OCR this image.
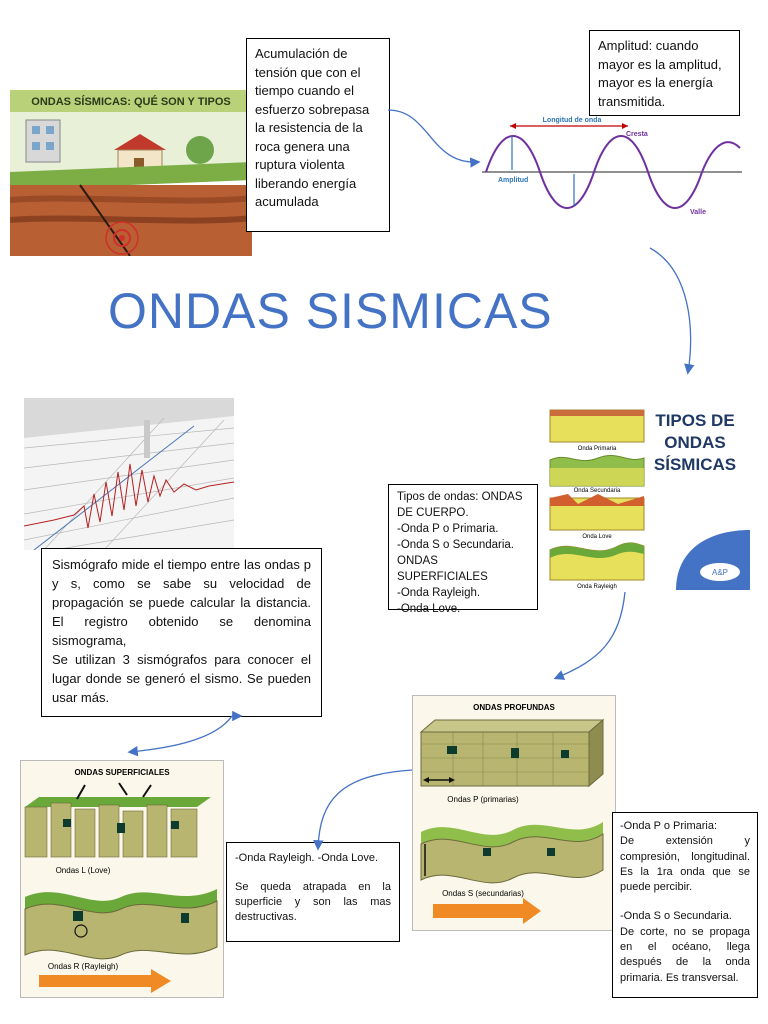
ONDAS SÍSMICAS: QUÉ SON Y TIPOS
Acumulación de
tensión que con el
tiempo cuando el
esfuerzo sobrepasa
la resistencia de la
roca genera una
ruptura violenta
liberando energía
acumulada
Amplitud: cuando
mayor es la amplitud,
mayor es la energía
transmitida.
Longitud de onda
Cresta
Amplitud
Valle
ONDAS SISMICAS
Sismógrafo mide el tiempo entre las ondas p y s, como se sabe su velocidad de propagación se puede calcular la distancia. El registro obtenido se denomina sismograma,
Se utilizan 3 sismógrafos para conocer el lugar donde se generó el sismo. Se pueden usar más.
Onda Primaria
Onda Secundaria
Onda Love
Onda Rayleigh
TIPOS DE
ONDAS
SÍSMICAS
A&P
Tipos de ondas: ONDAS DE CUERPO.
-Onda P o Primaria.
-Onda S o Secundaria.
ONDAS SUPERFICIALES
-Onda Rayleigh.
-Onda Love.
ONDAS PROFUNDAS
Ondas P (primarias)
Ondas S (secundarias)
ONDAS SUPERFICIALES
Ondas L (Love)
Ondas R (Rayleigh)
-Onda Rayleigh. -Onda Love.
Se queda atrapada en la superficie y son las mas destructivas.
-Onda P o Primaria:
De extensión y compresión, longitudinal. Es la 1ra onda que se puede percibir.
-Onda S o Secundaria.
De corte, no se propaga en el océano, llega después de la onda primaria. Es transversal.
